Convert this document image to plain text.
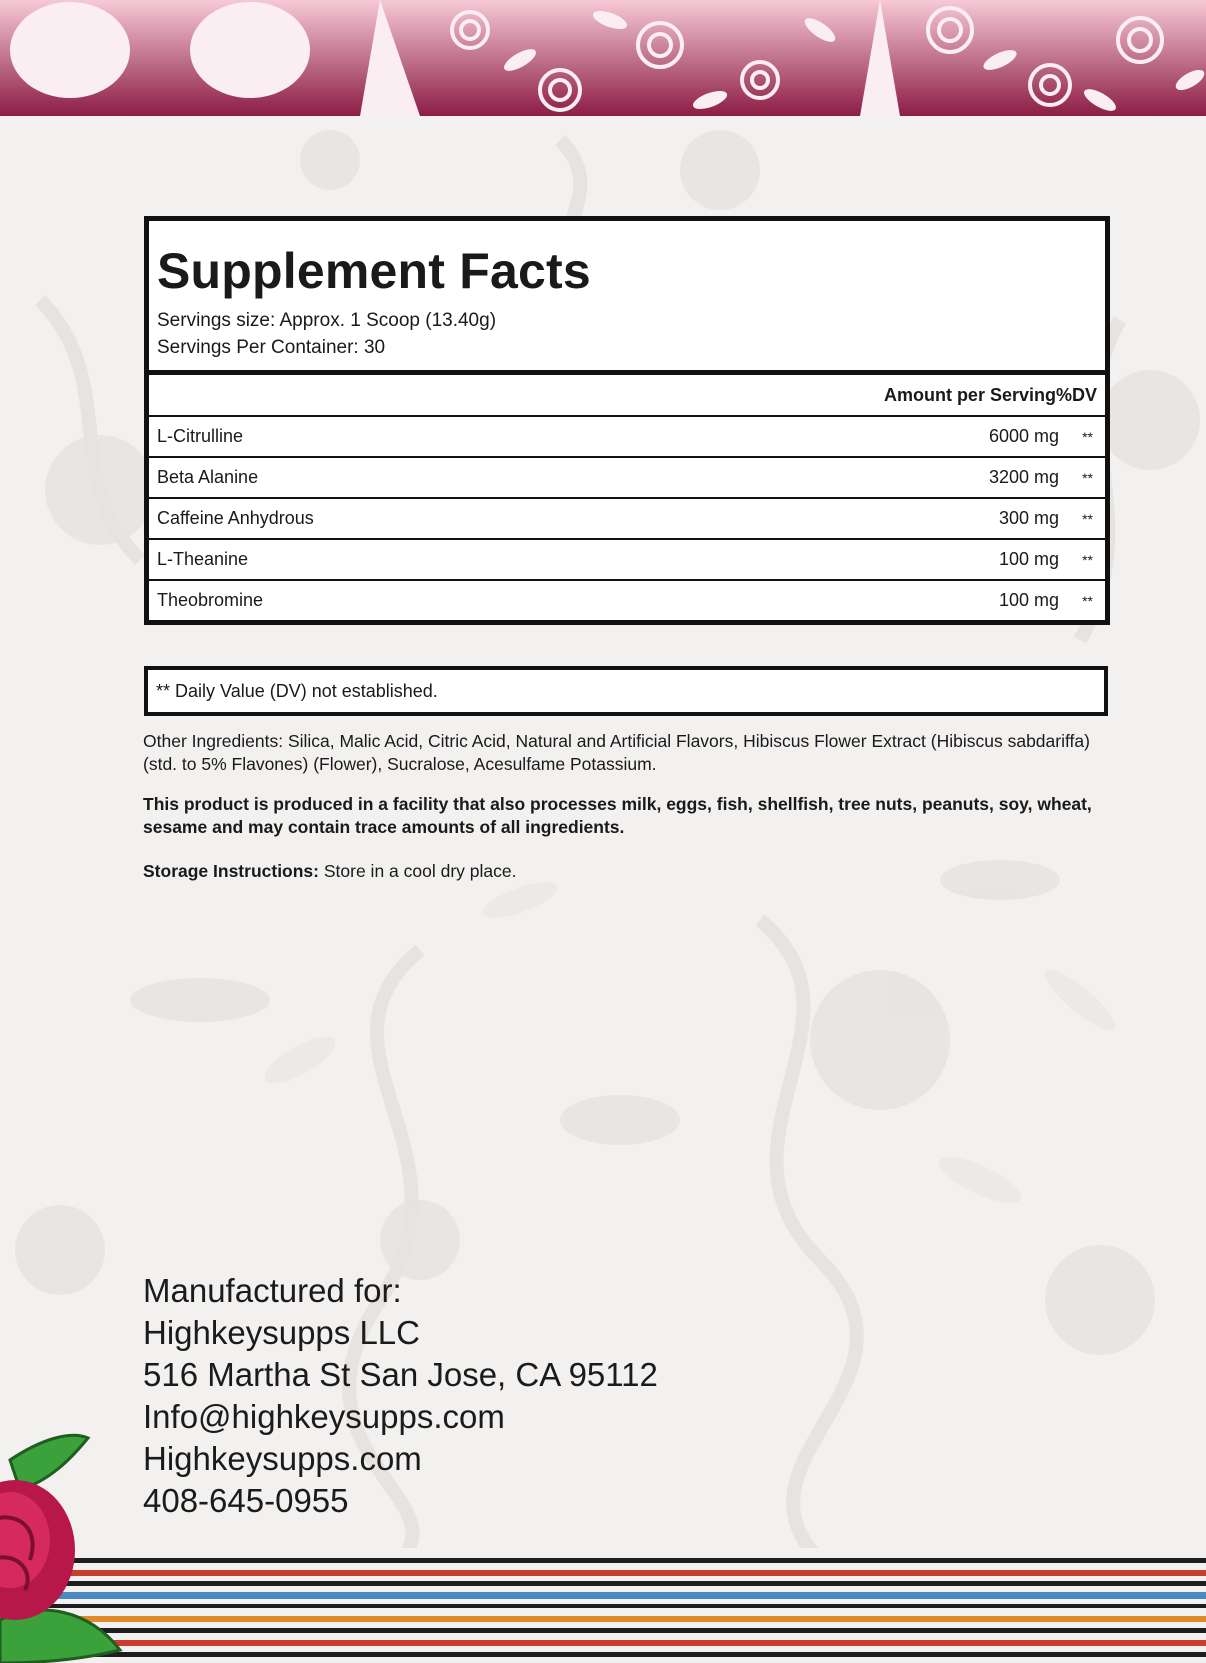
Supplement Facts
Servings size: Approx. 1 Scoop (13.40g)
Servings Per Container: 30
Amount per Serving %DV
L-Citrulline	6000 mg	**
Beta Alanine	3200 mg	**
Caffeine Anhydrous	300 mg	**
L-Theanine	100 mg	**
Theobromine	100 mg	**
** Daily Value (DV) not established.
Other Ingredients: Silica, Malic Acid, Citric Acid, Natural and Artificial Flavors, Hibiscus Flower Extract (Hibiscus sabdariffa) (std. to 5% Flavones) (Flower), Sucralose, Acesulfame Potassium.
This product is produced in a facility that also processes milk, eggs, fish, shellfish, tree nuts, peanuts, soy, wheat, sesame and may contain trace amounts of all ingredients.
Storage Instructions: Store in a cool dry place.
Manufactured for:
Highkeysupps LLC
516 Martha St San Jose, CA 95112
Info@highkeysupps.com
Highkeysupps.com
408-645-0955
